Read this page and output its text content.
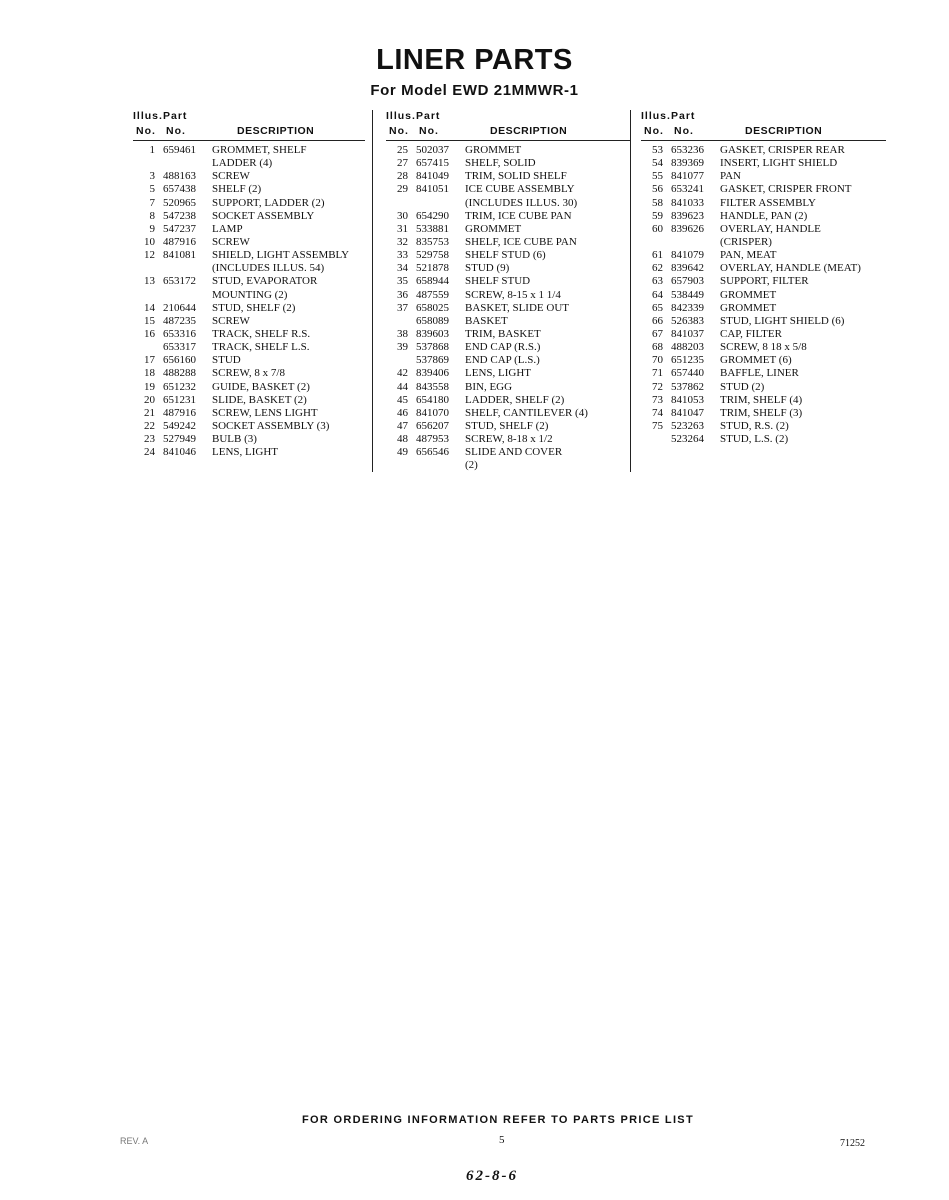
LINER PARTS
For Model EWD 21MMWR-1
Illus. Part
No. No.	DESCRIPTION
1 659461 GROMMET, SHELF
LADDER (4)
3 488163 SCREW
5 657438 SHELF (2)
7 520965 SUPPORT, LADDER (2)
8 547238 SOCKET ASSEMBLY
9 547237 LAMP
10 487916 SCREW
12 841081 SHIELD, LIGHT ASSEMBLY
(INCLUDES ILLUS. 54)
13 653172 STUD, EVAPORATOR
MOUNTING (2)
14 210644 STUD, SHELF (2)
15 487235 SCREW
16 653316 TRACK, SHELF R.S.
653317 TRACK, SHELF L.S.
17 656160 STUD
18 488288 SCREW, 8 x 7/8
19 651232 GUIDE, BASKET (2)
20 651231 SLIDE, BASKET (2)
21 487916 SCREW, LENS LIGHT
22 549242 SOCKET ASSEMBLY (3)
23 527949 BULB (3)
24 841046 LENS, LIGHT
Illus. Part
No. No.	DESCRIPTION
25 502037 GROMMET
27 657415 SHELF, SOLID
28 841049 TRIM, SOLID SHELF
29 841051 ICE CUBE ASSEMBLY
(INCLUDES ILLUS. 30)
30 654290 TRIM, ICE CUBE PAN
31 533881 GROMMET
32 835753 SHELF, ICE CUBE PAN
33 529758 SHELF STUD (6)
34 521878 STUD (9)
35 658944 SHELF STUD
36 487559 SCREW, 8-15 x 1 1/4
37 658025 BASKET, SLIDE OUT
658089 BASKET
38 839603 TRIM, BASKET
39 537868 END CAP (R.S.)
537869 END CAP (L.S.)
42 839406 LENS, LIGHT
44 843558 BIN, EGG
45 654180 LADDER, SHELF (2)
46 841070 SHELF, CANTILEVER (4)
47 656207 STUD, SHELF (2)
48 487953 SCREW, 8-18 x 1/2
49 656546 SLIDE AND COVER
(2)
Illus. Part
No. No.	DESCRIPTION
53 653236 GASKET, CRISPER REAR
54 839369 INSERT, LIGHT SHIELD
55 841077 PAN
56 653241 GASKET, CRISPER FRONT
58 841033 FILTER ASSEMBLY
59 839623 HANDLE, PAN (2)
60 839626 OVERLAY, HANDLE
(CRISPER)
61 841079 PAN, MEAT
62 839642 OVERLAY, HANDLE (MEAT)
63 657903 SUPPORT, FILTER
64 538449 GROMMET
65 842339 GROMMET
66 526383 STUD, LIGHT SHIELD (6)
67 841037 CAP, FILTER
68 488203 SCREW, 8 18 x 5/8
70 651235 GROMMET (6)
71 657440 BAFFLE, LINER
72 537862 STUD (2)
73 841053 TRIM, SHELF (4)
74 841047 TRIM, SHELF (3)
75 523263 STUD, R.S. (2)
523264 STUD, L.S. (2)
FOR ORDERING INFORMATION REFER TO PARTS PRICE LIST
REV. A	5	71252
62-8-6
